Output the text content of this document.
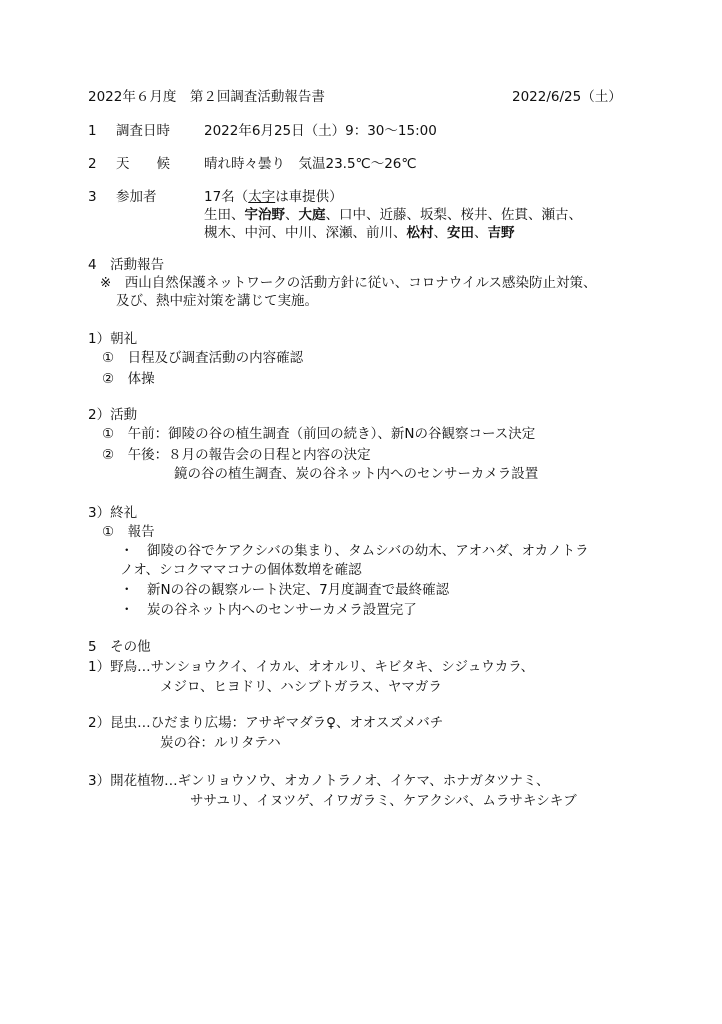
2022年６月度　第２回調査活動報告書	2022/6/25（土）
1 調査日時	2022年6月25日（土）9：30〜15:00
2 天　　候	晴れ時々曇り　気温23.5℃〜26℃
3 参加者	17名（太字は車提供）
生田、宇治野、大庭、口中、近藤、坂梨、桜井、佐貫、瀬古、
槻木、中河、中川、深瀬、前川、松村、安田、吉野
4　活動報告
※　西山自然保護ネットワークの活動方針に従い、コロナウイルス感染防止対策、
及び、熱中症対策を講じて実施。
1）朝礼
①　日程及び調査活動の内容確認
②　体操
2）活動
①　午前：御陵の谷の植生調査（前回の続き）、新Nの谷観察コース決定
②　午後：８月の報告会の日程と内容の決定
鏡の谷の植生調査、炭の谷ネット内へのセンサーカメラ設置
3）終礼
①　報告
・　御陵の谷でケアクシバの集まり、タムシバの幼木、アオハダ、オカノトラ
ノオ、シコクママコナの個体数増を確認
・　新Nの谷の観察ルート決定、7月度調査で最終確認
・　炭の谷ネット内へのセンサーカメラ設置完了
5　その他
1）野鳥…サンショウクイ、イカル、オオルリ、キビタキ、シジュウカラ、
メジロ、ヒヨドリ、ハシブトガラス、ヤマガラ
2）昆虫…ひだまり広場：アサギマダラ♀、オオスズメバチ
炭の谷：ルリタテハ
3）開花植物…ギンリョウソウ、オカノトラノオ、イケマ、ホナガタツナミ、
ササユリ、イヌツゲ、イワガラミ、ケアクシバ、ムラサキシキブ
